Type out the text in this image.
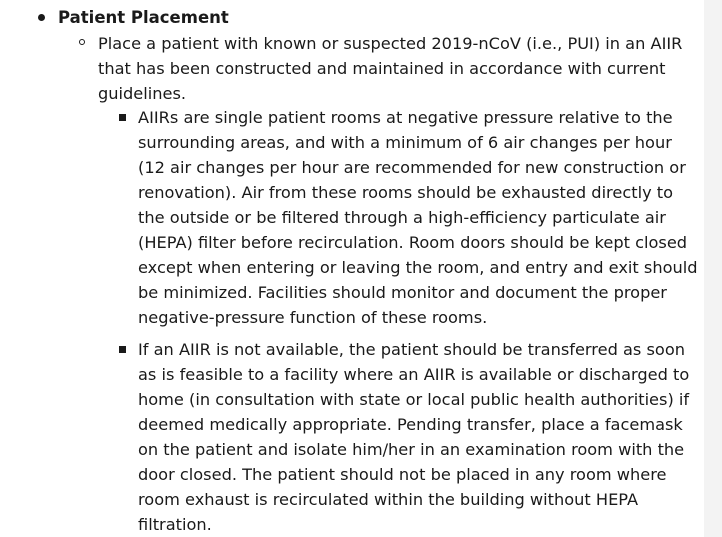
Patient Placement

Place a patient with known or suspected 2019-nCoV (i.e., PUI) in an AIIR
that has been constructed and maintained in accordance with current
guidelines.

AIIRs are single patient rooms at negative pressure relative to the
surrounding areas, and with a minimum of 6 air changes per hour
(12 air changes per hour are recommended for new construction or
renovation). Air from these rooms should be exhausted directly to
the outside or be filtered through a high-efficiency particulate air
(HEPA) filter before recirculation. Room doors should be kept closed
except when entering or leaving the room, and entry and exit should
be minimized. Facilities should monitor and document the proper
negative-pressure function of these rooms.

If an AIIR is not available, the patient should be transferred as soon
as is feasible to a facility where an AIIR is available or discharged to
home (in consultation with state or local public health authorities) if
deemed medically appropriate. Pending transfer, place a facemask
on the patient and isolate him/her in an examination room with the
door closed. The patient should not be placed in any room where
room exhaust is recirculated within the building without HEPA
filtration.
